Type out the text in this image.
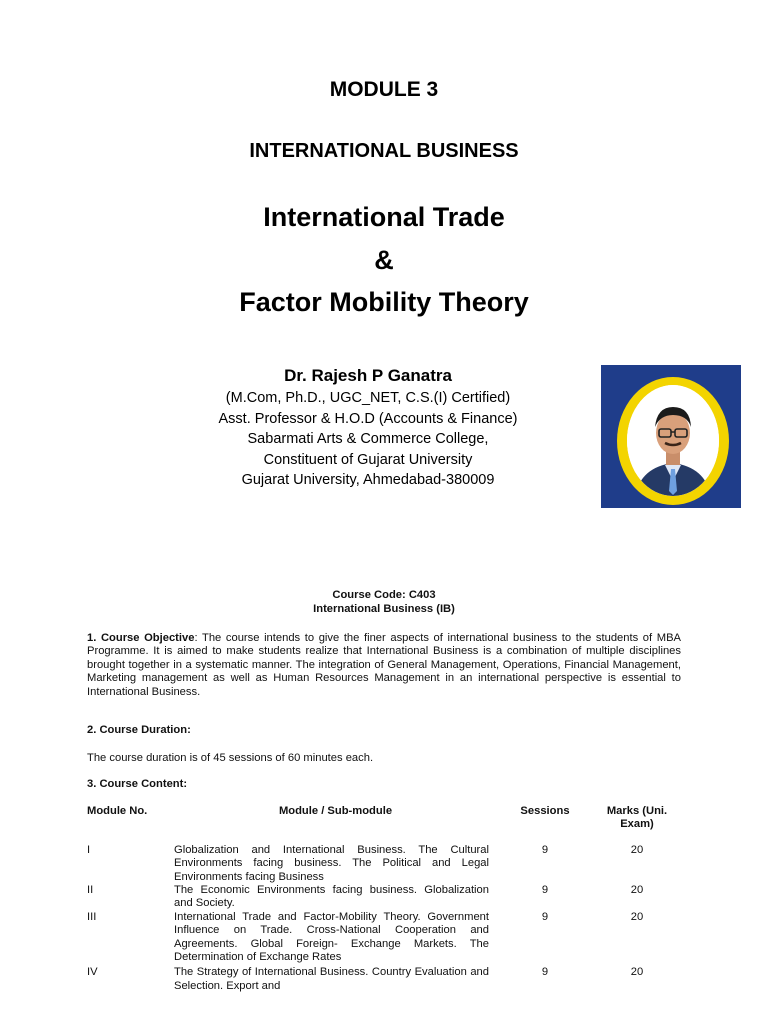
MODULE 3
INTERNATIONAL BUSINESS
International Trade
&
Factor Mobility Theory
Dr. Rajesh P Ganatra
(M.Com, Ph.D., UGC_NET, C.S.(I) Certified)
Asst. Professor & H.O.D (Accounts & Finance)
Sabarmati Arts & Commerce College,
Constituent of Gujarat University
Gujarat University, Ahmedabad-380009
Course Code: C403
International Business (IB)

1. Course Objective: The course intends to give the finer aspects of international business to the students of MBA Programme. It is aimed to make students realize that International Business is a combination of multiple disciplines brought together in a systematic manner. The integration of General Management, Operations, Financial Management, Marketing management as well as Human Resources Management in an international perspective is essential to International Business.

2. Course Duration:
The course duration is of 45 sessions of 60 minutes each.
3. Course Content:
Module No.	Module / Sub-module	Sessions	Marks (Uni. Exam)

I	Globalization and International Business. The Cultural Environments facing business. The Political and Legal Environments facing Business	9	20
II	The Economic Environments facing business. Globalization and Society.	9	20
III	International Trade and Factor-Mobility Theory. Government Influence on Trade. Cross-National Cooperation and Agreements. Global Foreign- Exchange Markets. The Determination of Exchange Rates	9	20
IV	The Strategy of International Business. Country Evaluation and Selection. Export and	9	20
